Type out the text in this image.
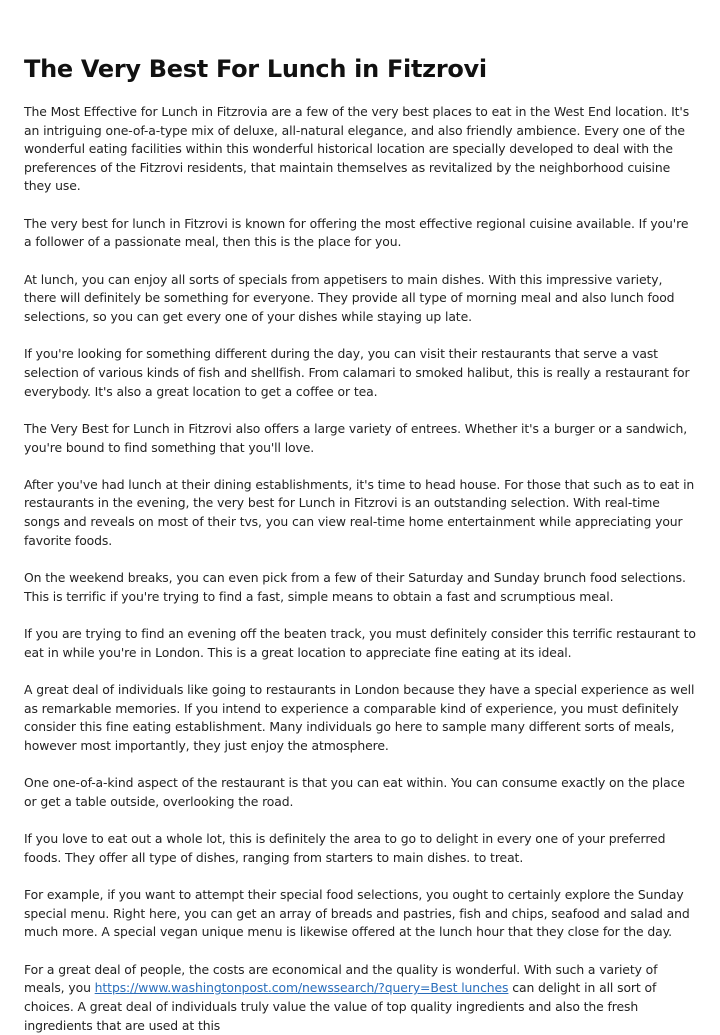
The Very Best For Lunch in Fitzrovi

The Most Effective for Lunch in Fitzrovia are a few of the very best places to eat in the West End location. It's an intriguing one-of-a-type mix of deluxe, all-natural elegance, and also friendly ambience. Every one of the wonderful eating facilities within this wonderful historical location are specially developed to deal with the preferences of the Fitzrovi residents, that maintain themselves as revitalized by the neighborhood cuisine they use.

The very best for lunch in Fitzrovi is known for offering the most effective regional cuisine available. If you're a follower of a passionate meal, then this is the place for you.

At lunch, you can enjoy all sorts of specials from appetisers to main dishes. With this impressive variety, there will definitely be something for everyone. They provide all type of morning meal and also lunch food selections, so you can get every one of your dishes while staying up late.

If you're looking for something different during the day, you can visit their restaurants that serve a vast selection of various kinds of fish and shellfish. From calamari to smoked halibut, this is really a restaurant for everybody. It's also a great location to get a coffee or tea.

The Very Best for Lunch in Fitzrovi also offers a large variety of entrees. Whether it's a burger or a sandwich, you're bound to find something that you'll love.

After you've had lunch at their dining establishments, it's time to head house. For those that such as to eat in restaurants in the evening, the very best for Lunch in Fitzrovi is an outstanding selection. With real-time songs and reveals on most of their tvs, you can view real-time home entertainment while appreciating your favorite foods.

On the weekend breaks, you can even pick from a few of their Saturday and Sunday brunch food selections. This is terrific if you're trying to find a fast, simple means to obtain a fast and scrumptious meal.

If you are trying to find an evening off the beaten track, you must definitely consider this terrific restaurant to eat in while you're in London. This is a great location to appreciate fine eating at its ideal.

A great deal of individuals like going to restaurants in London because they have a special experience as well as remarkable memories. If you intend to experience a comparable kind of experience, you must definitely consider this fine eating establishment. Many individuals go here to sample many different sorts of meals, however most importantly, they just enjoy the atmosphere.

One one-of-a-kind aspect of the restaurant is that you can eat within. You can consume exactly on the place or get a table outside, overlooking the road.

If you love to eat out a whole lot, this is definitely the area to go to delight in every one of your preferred foods. They offer all type of dishes, ranging from starters to main dishes. to treat.

For example, if you want to attempt their special food selections, you ought to certainly explore the Sunday special menu. Right here, you can get an array of breads and pastries, fish and chips, seafood and salad and much more. A special vegan unique menu is likewise offered at the lunch hour that they close for the day.

For a great deal of people, the costs are economical and the quality is wonderful. With such a variety of meals, you https://www.washingtonpost.com/newssearch/?query=Best lunches can delight in all sort of choices. A great deal of individuals truly value the value of top quality ingredients and also the fresh ingredients that are used at this
